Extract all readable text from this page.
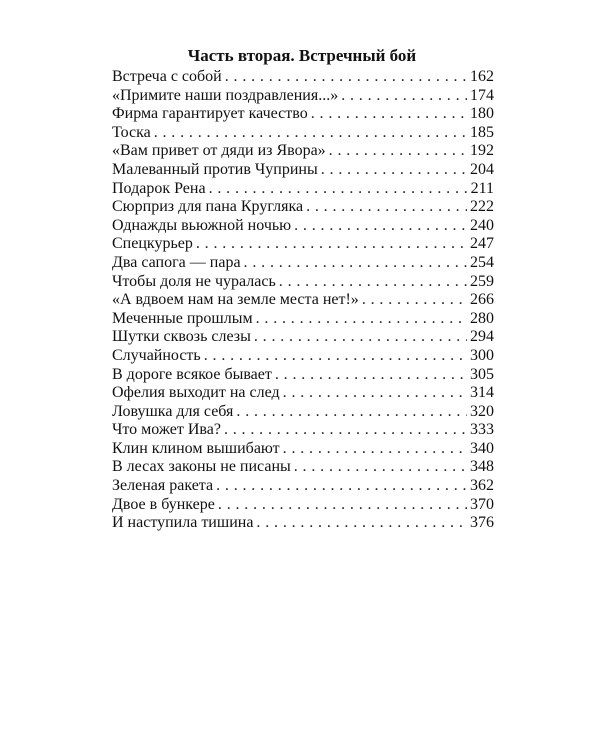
Часть вторая. Встречный бой
Встреча с собой . . .	162
«Примите наши поздравления...» . . .	174
Фирма гарантирует качество . . .	180
Тоска . . .	185
«Вам привет от дяди из Явора» . . .	192
Малеванный против Чуприны . . .	204
Подарок Рена . . .	211
Сюрприз для пана Кругляка . . .	222
Однажды вьюжной ночью . . .	240
Спецкурьер . . .	247
Два сапога — пара . . .	254
Чтобы доля не чуралась . . .	259
«А вдвоем нам на земле места нет!» . . .	266
Меченные прошлым . . .	280
Шутки сквозь слезы . . .	294
Случайность . . .	300
В дороге всякое бывает . . .	305
Офелия выходит на след . . .	314
Ловушка для себя . . .	320
Что может Ива? . . .	333
Клин клином вышибают . . .	340
В лесах законы не писаны . . .	348
Зеленая ракета . . .	362
Двое в бункере . . .	370
И наступила тишина . . .	376
